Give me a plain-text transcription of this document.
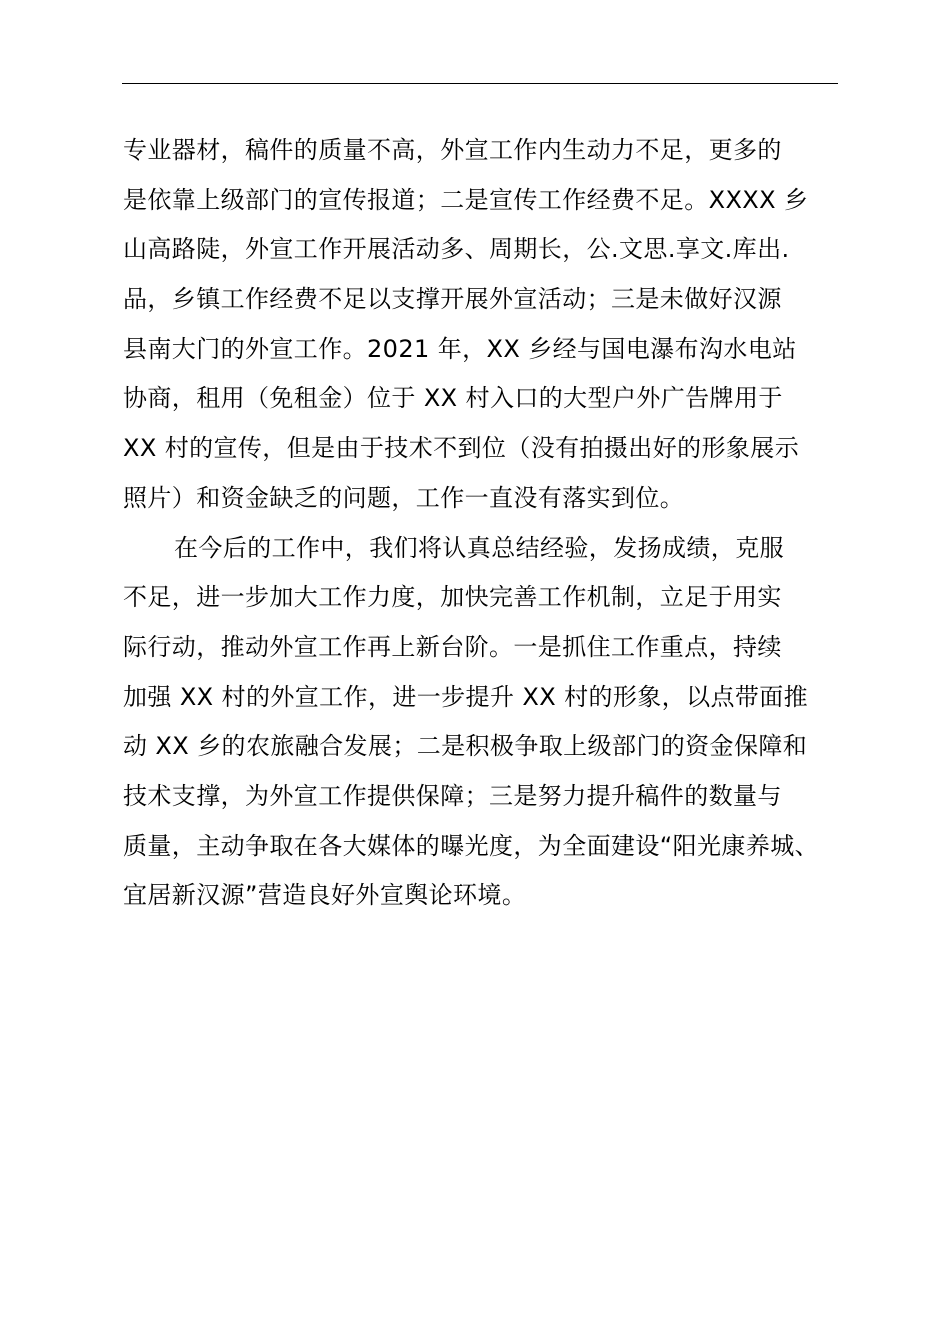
专业器材，稿件的质量不高，外宣工作内生动力不足，更多的
是依靠上级部门的宣传报道；二是宣传工作经费不足。XXXX 乡
山高路陡，外宣工作开展活动多、周期长，公.文思.享文.库出.
品，乡镇工作经费不足以支撑开展外宣活动；三是未做好汉源
县南大门的外宣工作。2021 年，XX 乡经与国电瀑布沟水电站
协商，租用（免租金）位于 XX 村入口的大型户外广告牌用于
XX 村的宣传，但是由于技术不到位（没有拍摄出好的形象展示
照片）和资金缺乏的问题，工作一直没有落实到位。
在今后的工作中，我们将认真总结经验，发扬成绩，克服
不足，进一步加大工作力度，加快完善工作机制，立足于用实
际行动，推动外宣工作再上新台阶。一是抓住工作重点，持续
加强 XX 村的外宣工作，进一步提升 XX 村的形象，以点带面推
动 XX 乡的农旅融合发展；二是积极争取上级部门的资金保障和
技术支撑，为外宣工作提供保障；三是努力提升稿件的数量与
质量，主动争取在各大媒体的曝光度，为全面建设“阳光康养城、
宜居新汉源”营造良好外宣舆论环境。
